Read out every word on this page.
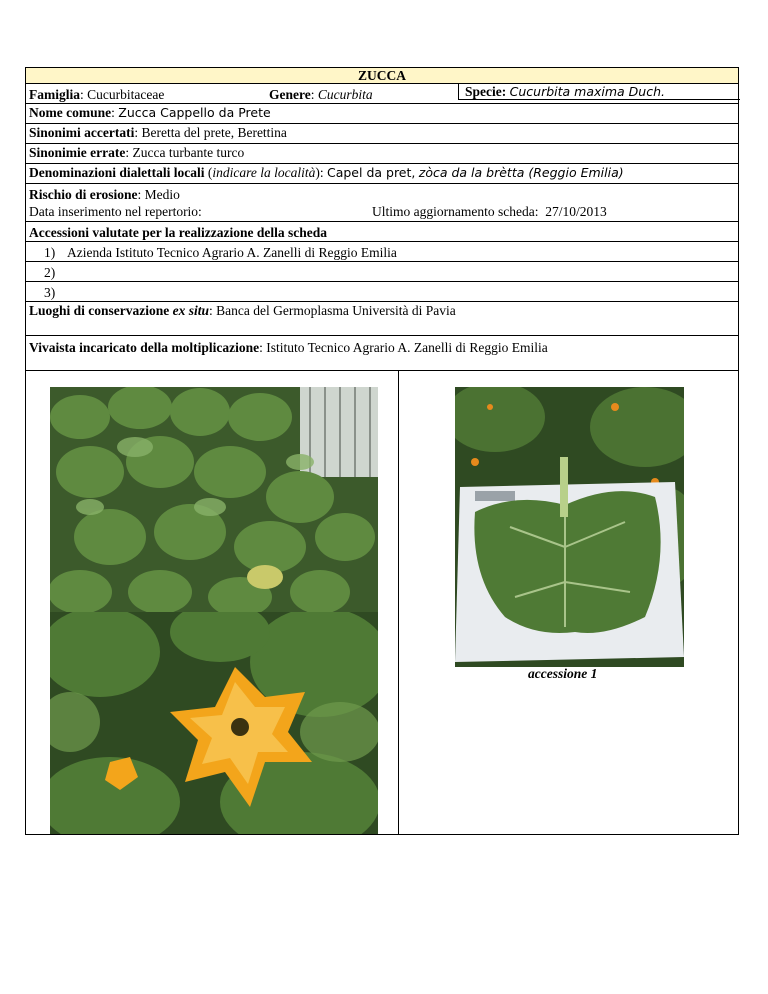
ZUCCA
Famiglia: Cucurbitaceae	Genere: Cucurbita	Specie: Cucurbita maxima Duch.
Nome comune: Zucca Cappello da Prete
Sinonimi accertati: Beretta del prete, Berettina
Sinonimie errate: Zucca turbante turco
Denominazioni dialettali locali (indicare la località): Capel da pret, zòca da la brètta (Reggio Emilia)
Rischio di erosione: Medio
Data inserimento nel repertorio:	Ultimo aggiornamento scheda: 27/10/2013
Accessioni valutate per la realizzazione della scheda
1) Azienda Istituto Tecnico Agrario A. Zanelli di Reggio Emilia
2)
3)
Luoghi di conservazione ex situ: Banca del Germoplasma Università di Pavia
Vivaista incaricato della moltiplicazione: Istituto Tecnico Agrario A. Zanelli di Reggio Emilia
accessione 1
